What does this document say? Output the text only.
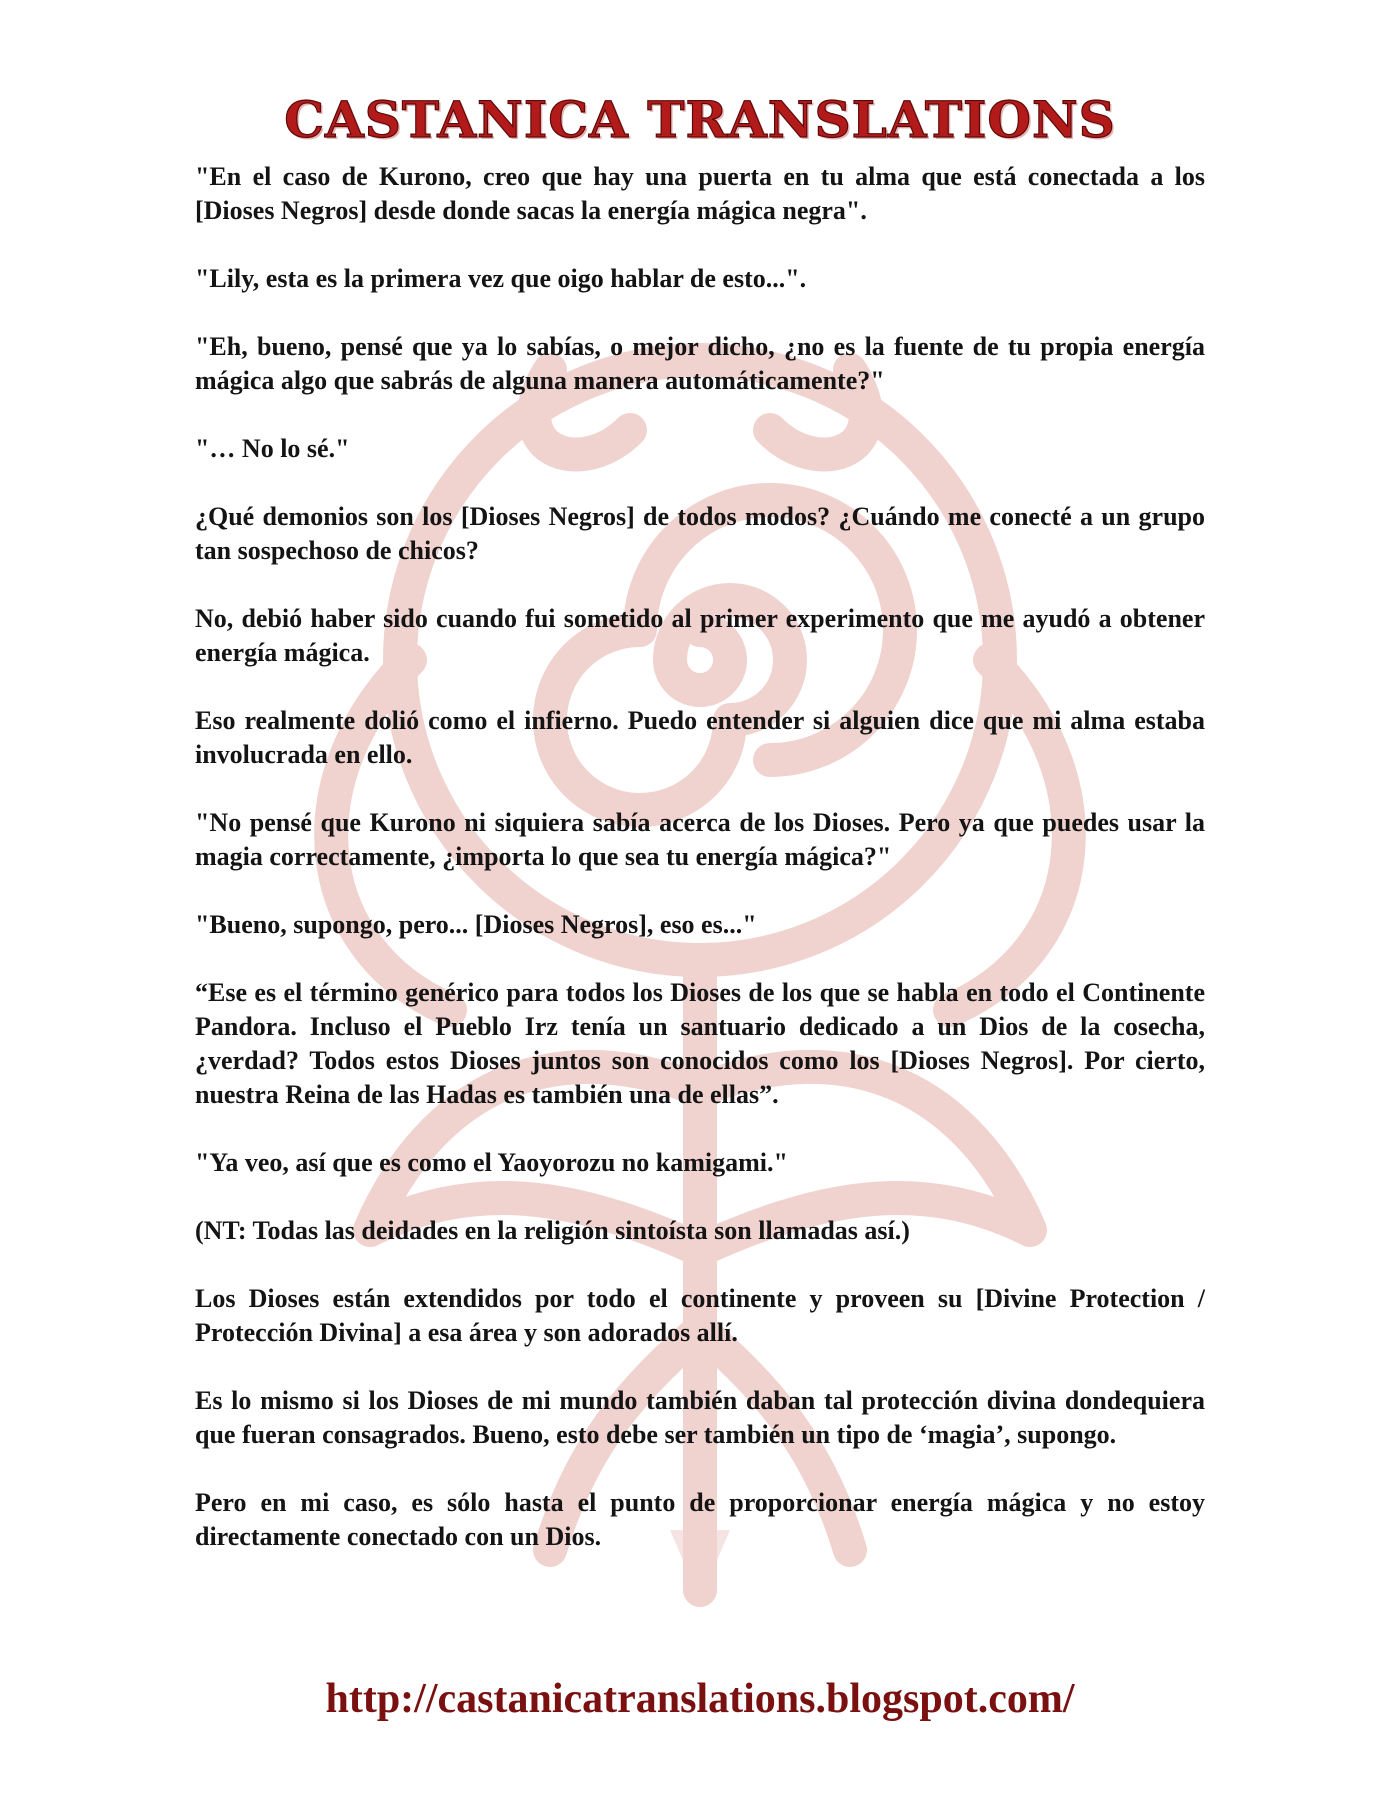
CASTANICA TRANSLATIONS

"En el caso de Kurono, creo que hay una puerta en tu alma que está conectada a los [Dioses Negros] desde donde sacas la energía mágica negra".

"Lily, esta es la primera vez que oigo hablar de esto...".

"Eh, bueno, pensé que ya lo sabías, o mejor dicho, ¿no es la fuente de tu propia energía mágica algo que sabrás de alguna manera automáticamente?"

"… No lo sé."

¿Qué demonios son los [Dioses Negros] de todos modos? ¿Cuándo me conecté a un grupo tan sospechoso de chicos?

No, debió haber sido cuando fui sometido al primer experimento que me ayudó a obtener energía mágica.

Eso realmente dolió como el infierno. Puedo entender si alguien dice que mi alma estaba involucrada en ello.

"No pensé que Kurono ni siquiera sabía acerca de los Dioses. Pero ya que puedes usar la magia correctamente, ¿importa lo que sea tu energía mágica?"

"Bueno, supongo, pero... [Dioses Negros], eso es..."

“Ese es el término genérico para todos los Dioses de los que se habla en todo el Continente Pandora. Incluso el Pueblo Irz tenía un santuario dedicado a un Dios de la cosecha, ¿verdad? Todos estos Dioses juntos son conocidos como los [Dioses Negros]. Por cierto, nuestra Reina de las Hadas es también una de ellas”.

"Ya veo, así que es como el Yaoyorozu no kamigami."

(NT: Todas las deidades en la religión sintoísta son llamadas así.)

Los Dioses están extendidos por todo el continente y proveen su [Divine Protection / Protección Divina] a esa área y son adorados allí.

Es lo mismo si los Dioses de mi mundo también daban tal protección divina dondequiera que fueran consagrados. Bueno, esto debe ser también un tipo de ‘magia’, supongo.

Pero en mi caso, es sólo hasta el punto de proporcionar energía mágica y no estoy directamente conectado con un Dios.

http://castanicatranslations.blogspot.com/
